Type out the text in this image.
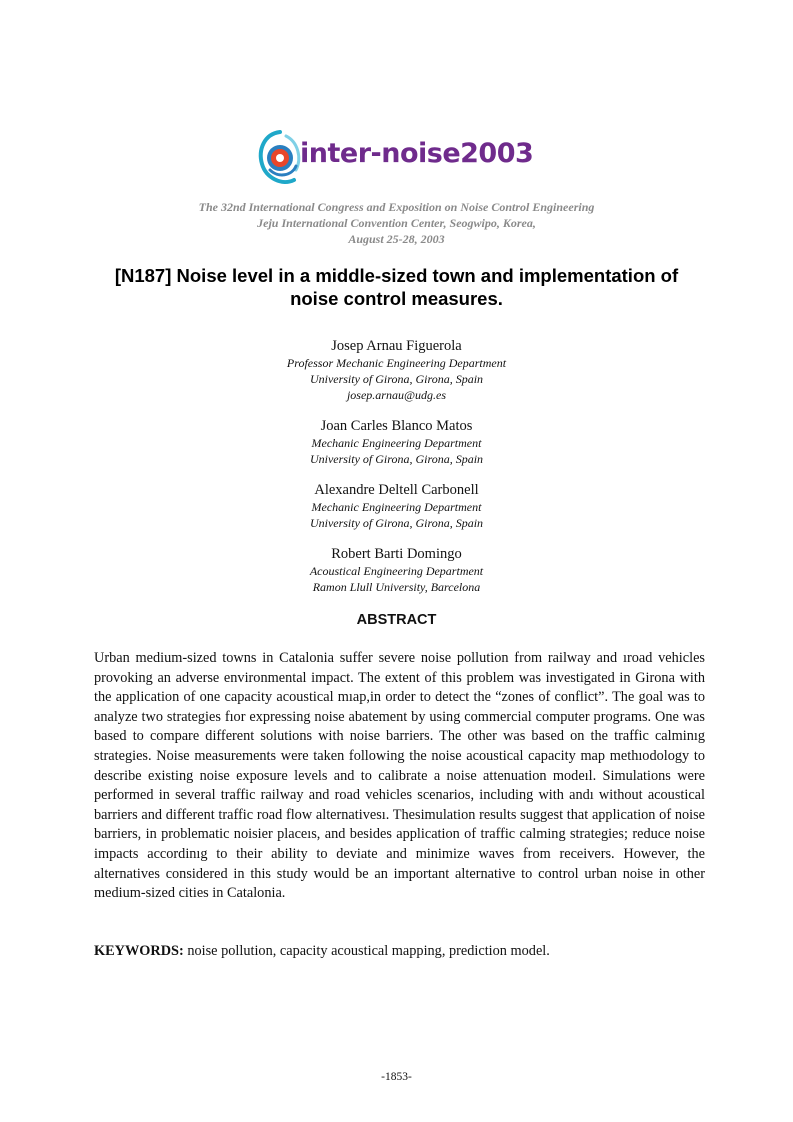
inter-noise2003
The 32nd International Congress and Exposition on Noise Control Engineering
Jeju International Convention Center, Seogwipo, Korea,
August 25-28, 2003
[N187] Noise level in a middle-sized town and implementation of
noise control measures.
Josep Arnau Figuerola
Professor Mechanic Engineering Department
University of Girona, Girona, Spain
josep.arnau@udg.es
Joan Carles Blanco Matos
Mechanic Engineering Department
University of Girona, Girona, Spain
Alexandre Deltell Carbonell
Mechanic Engineering Department
University of Girona, Girona, Spain
Robert Barti Domingo
Acoustical Engineering Department
Ramon Llull University, Barcelona
ABSTRACT

Urban medium-sized towns in Catalonia suffer severe noise pollution from railway and ıroad vehicles provoking an adverse environmental impact. The extent of this problem was investigated in Girona with the application of one capacity acoustical mıap,in order to detect the “zones of conflict”. The goal was to analyze two strategies fıor expressing noise abatement by using commercial computer programs. One was based to compare different solutions with noise barriers. The other was based on the traffic calminıg strategies. Noise measurements were taken following the noise acoustical capacity map methıodology to describe existing noise exposure levels and to calibrate a noise attenuation modeıl. Simulations were performed in several traffic railway and road vehicles scenarios, including with andı without acoustical barriers and different traffic road flow alternativesı. Thesimulation results suggest that application of noise barriers, in problematic noisier placeıs, and besides application of traffic calming strategies; reduce noise impacts accordinıg to their ability to deviate and minimize waves from receivers. However, the alternatives considered in this study would be an important alternative to control urban noise in other medium-sized cities in Catalonia.

KEYWORDS: noise pollution, capacity acoustical mapping, prediction model.

-1853-
